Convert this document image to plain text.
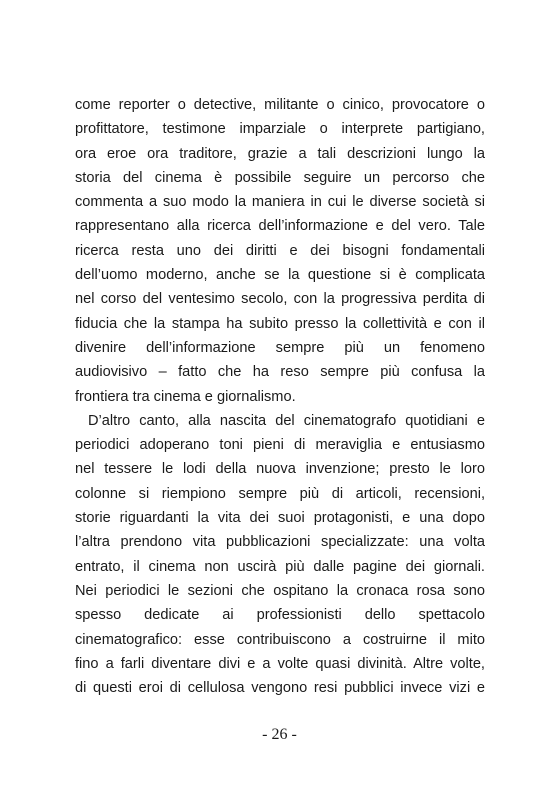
come reporter o detective, militante o cinico, provocatore o
profittatore, testimone imparziale o interprete partigiano,
ora eroe ora traditore, grazie a tali descrizioni lungo la
storia del cinema è possibile seguire un percorso che
commenta a suo modo la maniera in cui le diverse società si
rappresentano alla ricerca dell’informazione e del vero. Tale
ricerca resta uno dei diritti e dei bisogni fondamentali
dell’uomo moderno, anche se la questione si è complicata
nel corso del ventesimo secolo, con la progressiva perdita di
fiducia che la stampa ha subito presso la collettività e con il
divenire dell’informazione sempre più un fenomeno
audiovisivo – fatto che ha reso sempre più confusa la
frontiera tra cinema e giornalismo.
D’altro canto, alla nascita del cinematografo quotidiani e
periodici adoperano toni pieni di meraviglia e entusiasmo
nel tessere le lodi della nuova invenzione; presto le loro
colonne si riempiono sempre più di articoli, recensioni,
storie riguardanti la vita dei suoi protagonisti, e una dopo
l’altra prendono vita pubblicazioni specializzate: una volta
entrato, il cinema non uscirà più dalle pagine dei giornali.
Nei periodici le sezioni che ospitano la cronaca rosa sono
spesso dedicate ai professionisti dello spettacolo
cinematografico: esse contribuiscono a costruirne il mito
fino a farli diventare divi e a volte quasi divinità. Altre volte,
di questi eroi di cellulosa vengono resi pubblici invece vizi e
- 26 -
